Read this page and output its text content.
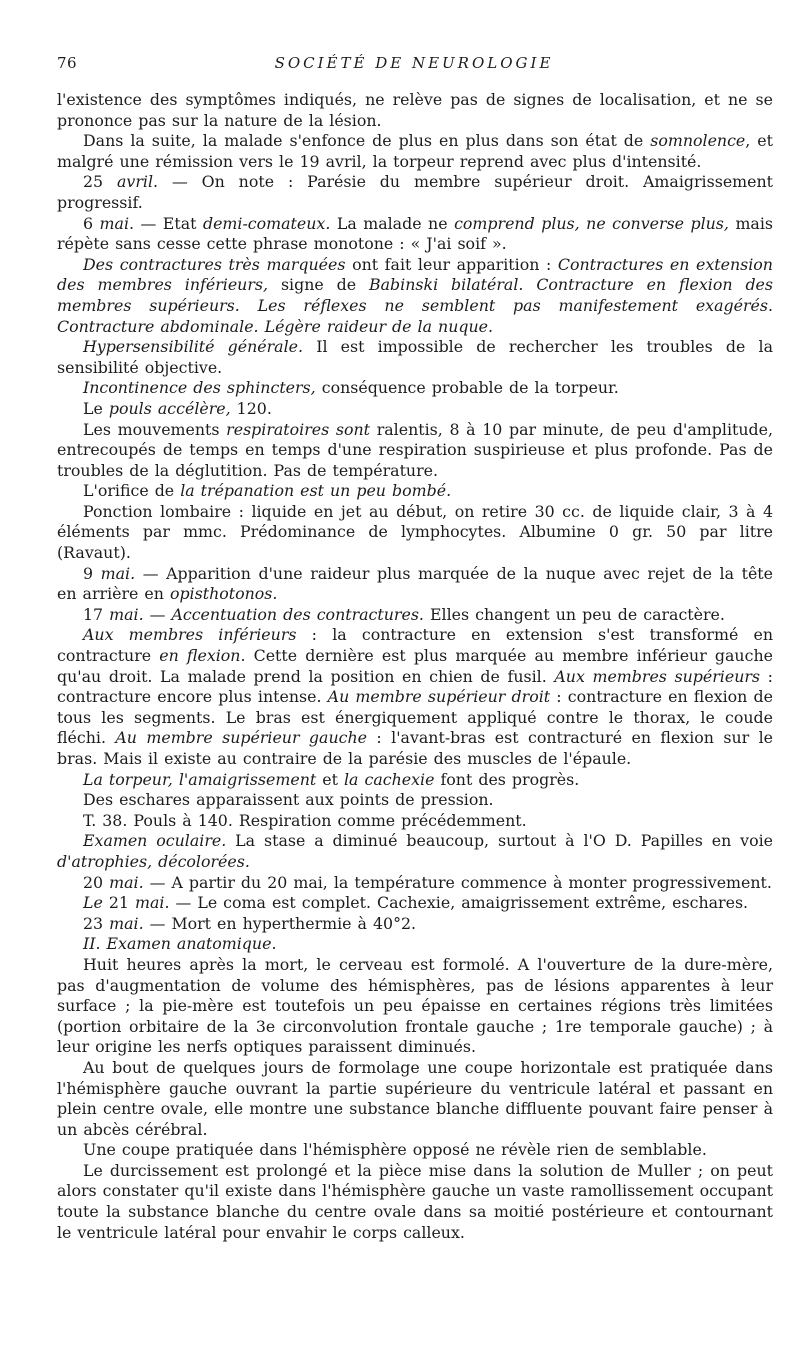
76	SOCIÉTÉ DE NEUROLOGIE

l'existence des symptômes indiqués, ne relève pas de signes de localisation, et ne se prononce pas sur la nature de la lésion.

Dans la suite, la malade s'enfonce de plus en plus dans son état de somnolence, et malgré une rémission vers le 19 avril, la torpeur reprend avec plus d'intensité.

25 avril. — On note : Parésie du membre supérieur droit. Amaigrissement progressif.

6 mai. — Etat demi-comateux. La malade ne comprend plus, ne converse plus, mais répète sans cesse cette phrase monotone : « J'ai soif ».

Des contractures très marquées ont fait leur apparition : Contractures en extension des membres inférieurs, signe de Babinski bilatéral. Contracture en flexion des membres supérieurs. Les réflexes ne semblent pas manifestement exagérés. Contracture abdominale. Légère raideur de la nuque.

Hypersensibilité générale. Il est impossible de rechercher les troubles de la sensibilité objective.

Incontinence des sphincters, conséquence probable de la torpeur.

Le pouls accélère, 120.

Les mouvements respiratoires sont ralentis, 8 à 10 par minute, de peu d'amplitude, entrecoupés de temps en temps d'une respiration suspirieuse et plus profonde. Pas de troubles de la déglutition. Pas de température.

L'orifice de la trépanation est un peu bombé.

Ponction lombaire : liquide en jet au début, on retire 30 cc. de liquide clair, 3 à 4 éléments par mmc. Prédominance de lymphocytes. Albumine 0 gr. 50 par litre (Ravaut).

9 mai. — Apparition d'une raideur plus marquée de la nuque avec rejet de la tête en arrière en opisthotonos.

17 mai. — Accentuation des contractures. Elles changent un peu de caractère.

Aux membres inférieurs : la contracture en extension s'est transformé en contracture en flexion. Cette dernière est plus marquée au membre inférieur gauche qu'au droit. La malade prend la position en chien de fusil. Aux membres supérieurs : contracture encore plus intense. Au membre supérieur droit : contracture en flexion de tous les segments. Le bras est énergiquement appliqué contre le thorax, le coude fléchi. Au membre supérieur gauche : l'avant-bras est contracturé en flexion sur le bras. Mais il existe au contraire de la parésie des muscles de l'épaule.

La torpeur, l'amaigrissement et la cachexie font des progrès.

Des eschares apparaissent aux points de pression.

T. 38. Pouls à 140. Respiration comme précédemment.

Examen oculaire. La stase a diminué beaucoup, surtout à l'O D. Papilles en voie d'atrophies, décolorées.

20 mai. — A partir du 20 mai, la température commence à monter progressivement.

Le 21 mai. — Le coma est complet. Cachexie, amaigrissement extrême, eschares.

23 mai. — Mort en hyperthermie à 40°2.

II. Examen anatomique.

Huit heures après la mort, le cerveau est formolé. A l'ouverture de la dure-mère, pas d'augmentation de volume des hémisphères, pas de lésions apparentes à leur surface ; la pie-mère est toutefois un peu épaisse en certaines régions très limitées (portion orbitaire de la 3e circonvolution frontale gauche ; 1re temporale gauche) ; à leur origine les nerfs optiques paraissent diminués.

Au bout de quelques jours de formolage une coupe horizontale est pratiquée dans l'hémisphère gauche ouvrant la partie supérieure du ventricule latéral et passant en plein centre ovale, elle montre une substance blanche diffluente pouvant faire penser à un abcès cérébral.

Une coupe pratiquée dans l'hémisphère opposé ne révèle rien de semblable.

Le durcissement est prolongé et la pièce mise dans la solution de Muller ; on peut alors constater qu'il existe dans l'hémisphère gauche un vaste ramollissement occupant toute la substance blanche du centre ovale dans sa moitié postérieure et contournant le ventricule latéral pour envahir le corps calleux.
